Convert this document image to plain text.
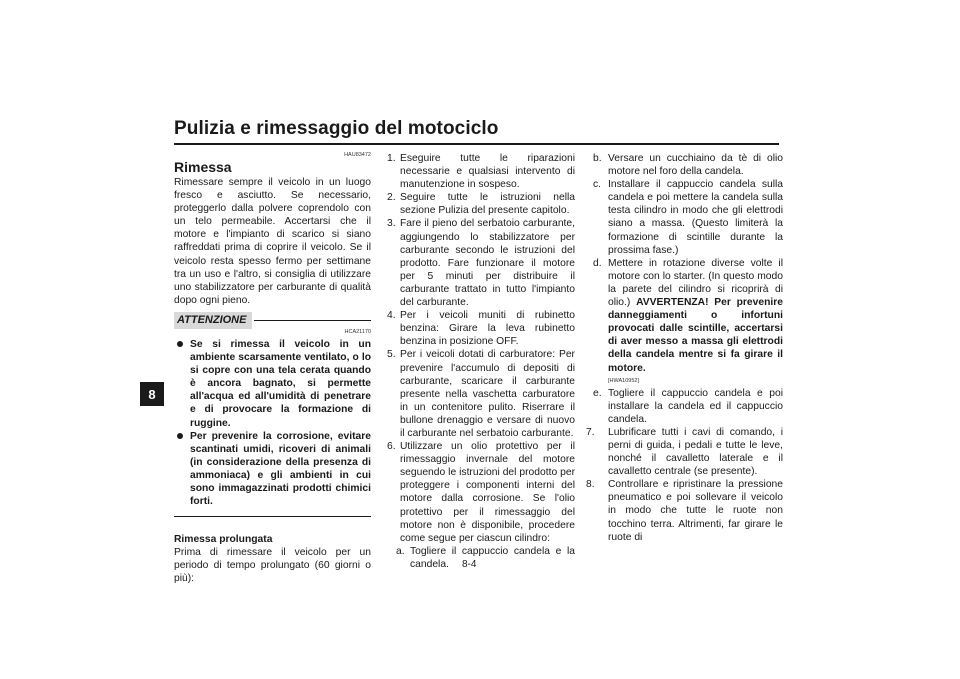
Pulizia e rimessaggio del motociclo
8
HAU83472
Rimessa

Rimessare sempre il veicolo in un luogo fresco e asciutto. Se necessario, proteggerlo dalla polvere coprendolo con un telo permeabile. Accertarsi che il motore e l'impianto di scarico si siano raffreddati prima di coprire il veicolo. Se il veicolo resta spesso fermo per settimane tra un uso e l'altro, si consiglia di utilizzare uno stabilizzatore per carburante di qualità dopo ogni pieno.

ATTENZIONE
HCA21170
Se si rimessa il veicolo in un ambiente scarsamente ventilato, o lo si copre con una tela cerata quando è ancora bagnato, si permette all'acqua ed all'umidità di penetrare e di provocare la formazione di ruggine.
Per prevenire la corrosione, evitare scantinati umidi, ricoveri di animali (in considerazione della presenza di ammoniaca) e gli ambienti in cui sono immagazzinati prodotti chimici forti.
Rimessa prolungata

Prima di rimessare il veicolo per un periodo di tempo prolungato (60 giorni o più):

1. Eseguire tutte le riparazioni necessarie e qualsiasi intervento di manutenzione in sospeso.
2. Seguire tutte le istruzioni nella sezione Pulizia del presente capitolo.
3. Fare il pieno del serbatoio carburante, aggiungendo lo stabilizzatore per carburante secondo le istruzioni del prodotto. Fare funzionare il motore per 5 minuti per distribuire il carburante trattato in tutto l'impianto del carburante.
4. Per i veicoli muniti di rubinetto benzina: Girare la leva rubinetto benzina in posizione OFF.
5. Per i veicoli dotati di carburatore: Per prevenire l'accumulo di depositi di carburante, scaricare il carburante presente nella vaschetta carburatore in un contenitore pulito. Riserrare il bullone drenaggio e versare di nuovo il carburante nel serbatoio carburante.
6. Utilizzare un olio protettivo per il rimessaggio invernale del motore seguendo le istruzioni del prodotto per proteggere i componenti interni del motore dalla corrosione. Se l'olio protettivo per il rimessaggio del motore non è disponibile, procedere come segue per ciascun cilindro:
a. Togliere il cappuccio candela e la candela.
b. Versare un cucchiaino da tè di olio motore nel foro della candela.
c. Installare il cappuccio candela sulla candela e poi mettere la candela sulla testa cilindro in modo che gli elettrodi siano a massa. (Questo limiterà la formazione di scintille durante la prossima fase.)
d. Mettere in rotazione diverse volte il motore con lo starter. (In questo modo la parete del cilindro si ricoprirà di olio.) AVVERTENZA! Per prevenire danneggiamenti o infortuni provocati dalle scintille, accertarsi di aver messo a massa gli elettrodi della candela mentre si fa girare il motore.
[HWA10952]
e. Togliere il cappuccio candela e poi installare la candela ed il cappuccio candela.
7. Lubrificare tutti i cavi di comando, i perni di guida, i pedali e tutte le leve, nonché il cavalletto laterale e il cavalletto centrale (se presente).
8. Controllare e ripristinare la pressione pneumatico e poi sollevare il veicolo in modo che tutte le ruote non tocchino terra. Altrimenti, far girare le ruote di
8-4
